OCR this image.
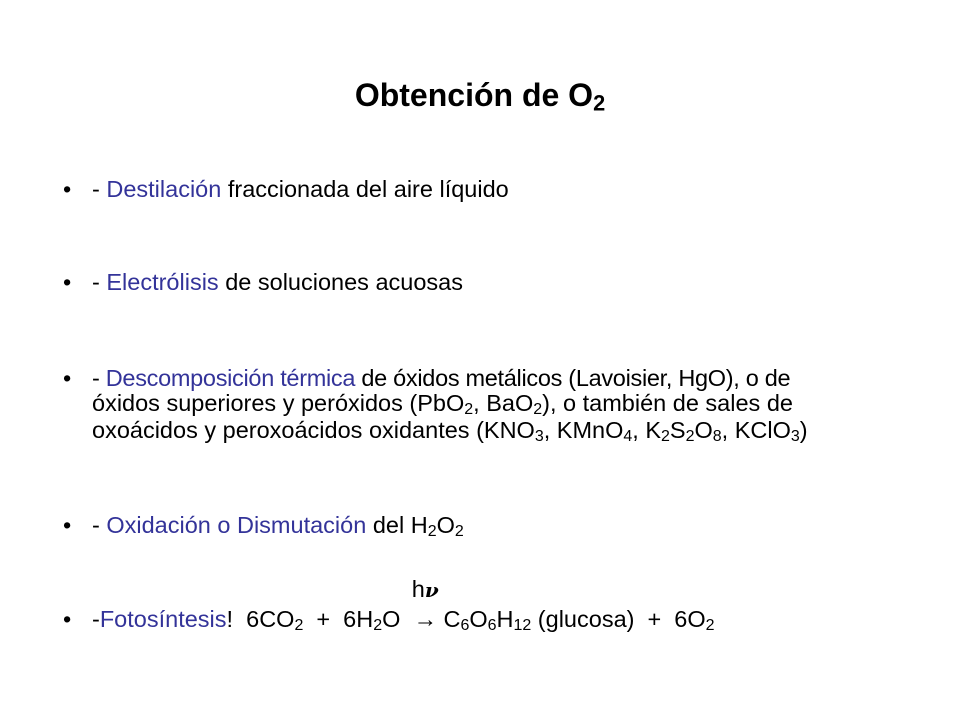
Obtención de $O_2$
• - Destilación fraccionada del aire líquido
• - Electrólisis de soluciones acuosas
• - Descomposición térmica de óxidos metálicos (Lavoisier, HgO), o de
óxidos superiores y peróxidos (PbO$_2$, BaO$_2$), o también de sales de
oxoácidos y peroxoácidos oxidantes ($KNO_3$, KMnO$_4$, $K_2S_2O_8$, KClO$_3$)
• - Oxidación o Dismutación del $H_2O_2$
• -Fotosíntesis!  $6CO_2 + 6H_2O$
hν
→ $C_6O_6H_{12}$ $(glucosa) + 6O_2$
